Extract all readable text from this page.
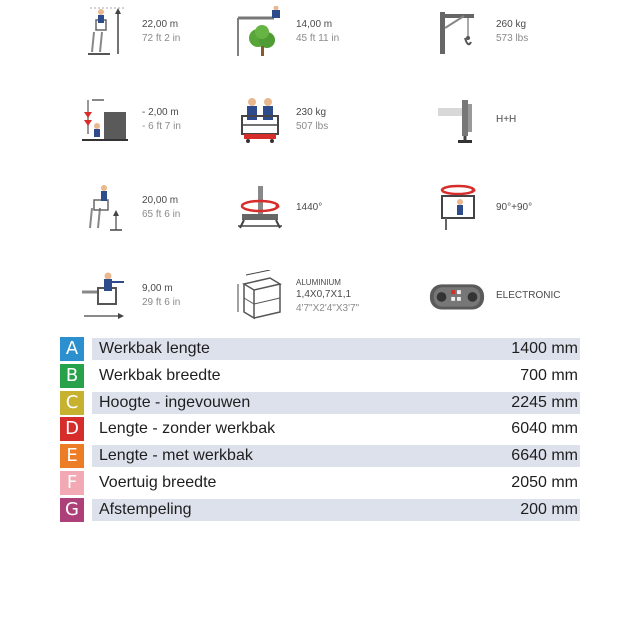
22,00 m
72 ft 2 in
14,00 m
45 ft 11 in
260 kg
573 lbs
- 2,00 m
- 6 ft 7 in
230 kg
507 lbs
H+H
20,00 m
65 ft 6 in
1440°	90°+90°
9,00 m
29 ft 6 in
ALUMINIUM
1,4X0,7X1,1
4'7"X2'4"X3'7"
ELECTRONIC
A	Werkbak lengte	1400 mm
B	Werkbak breedte	700 mm
C	Hoogte - ingevouwen	2245 mm
D	Lengte - zonder werkbak	6040 mm
E	Lengte - met werkbak	6640 mm
F	Voertuig breedte	2050 mm
G	Afstempeling	200 mm
